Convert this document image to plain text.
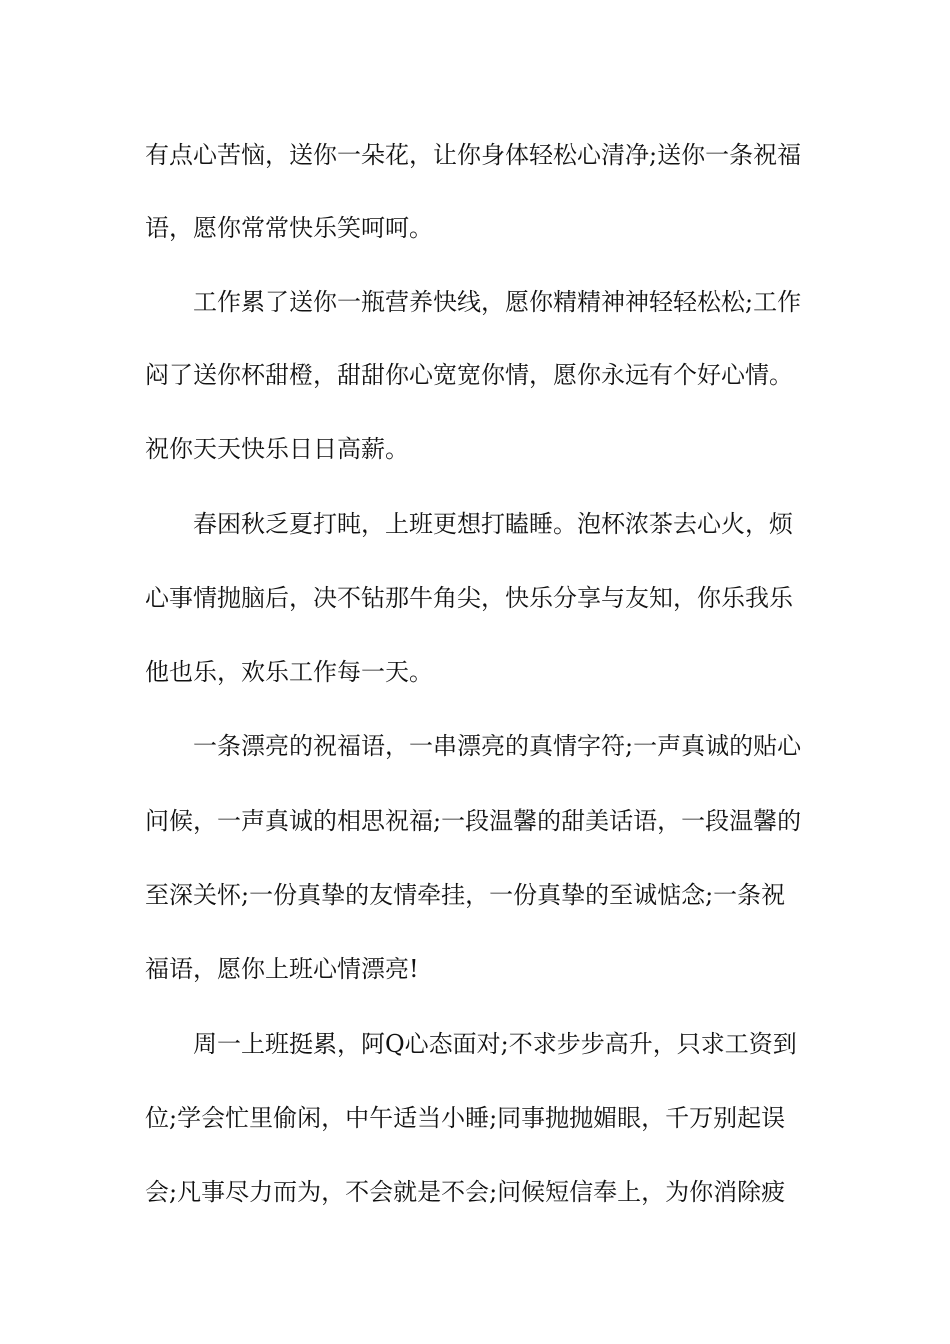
有点心苦恼，送你一朵花，让你身体轻松心清净;送你一条祝福
语，愿你常常快乐笑呵呵。
工作累了送你一瓶营养快线，愿你精精神神轻轻松松;工作
闷了送你杯甜橙，甜甜你心宽宽你情，愿你永远有个好心情。
祝你天天快乐日日高薪。
春困秋乏夏打盹，上班更想打瞌睡。泡杯浓茶去心火，烦
心事情抛脑后，决不钻那牛角尖，快乐分享与友知，你乐我乐
他也乐，欢乐工作每一天。
一条漂亮的祝福语，一串漂亮的真情字符;一声真诚的贴心
问候，一声真诚的相思祝福;一段温馨的甜美话语，一段温馨的
至深关怀;一份真挚的友情牵挂，一份真挚的至诚惦念;一条祝
福语，愿你上班心情漂亮!
周一上班挺累，阿Q心态面对;不求步步高升，只求工资到
位;学会忙里偷闲，中午适当小睡;同事抛抛媚眼，千万别起误
会;凡事尽力而为，不会就是不会;问候短信奉上，为你消除疲
